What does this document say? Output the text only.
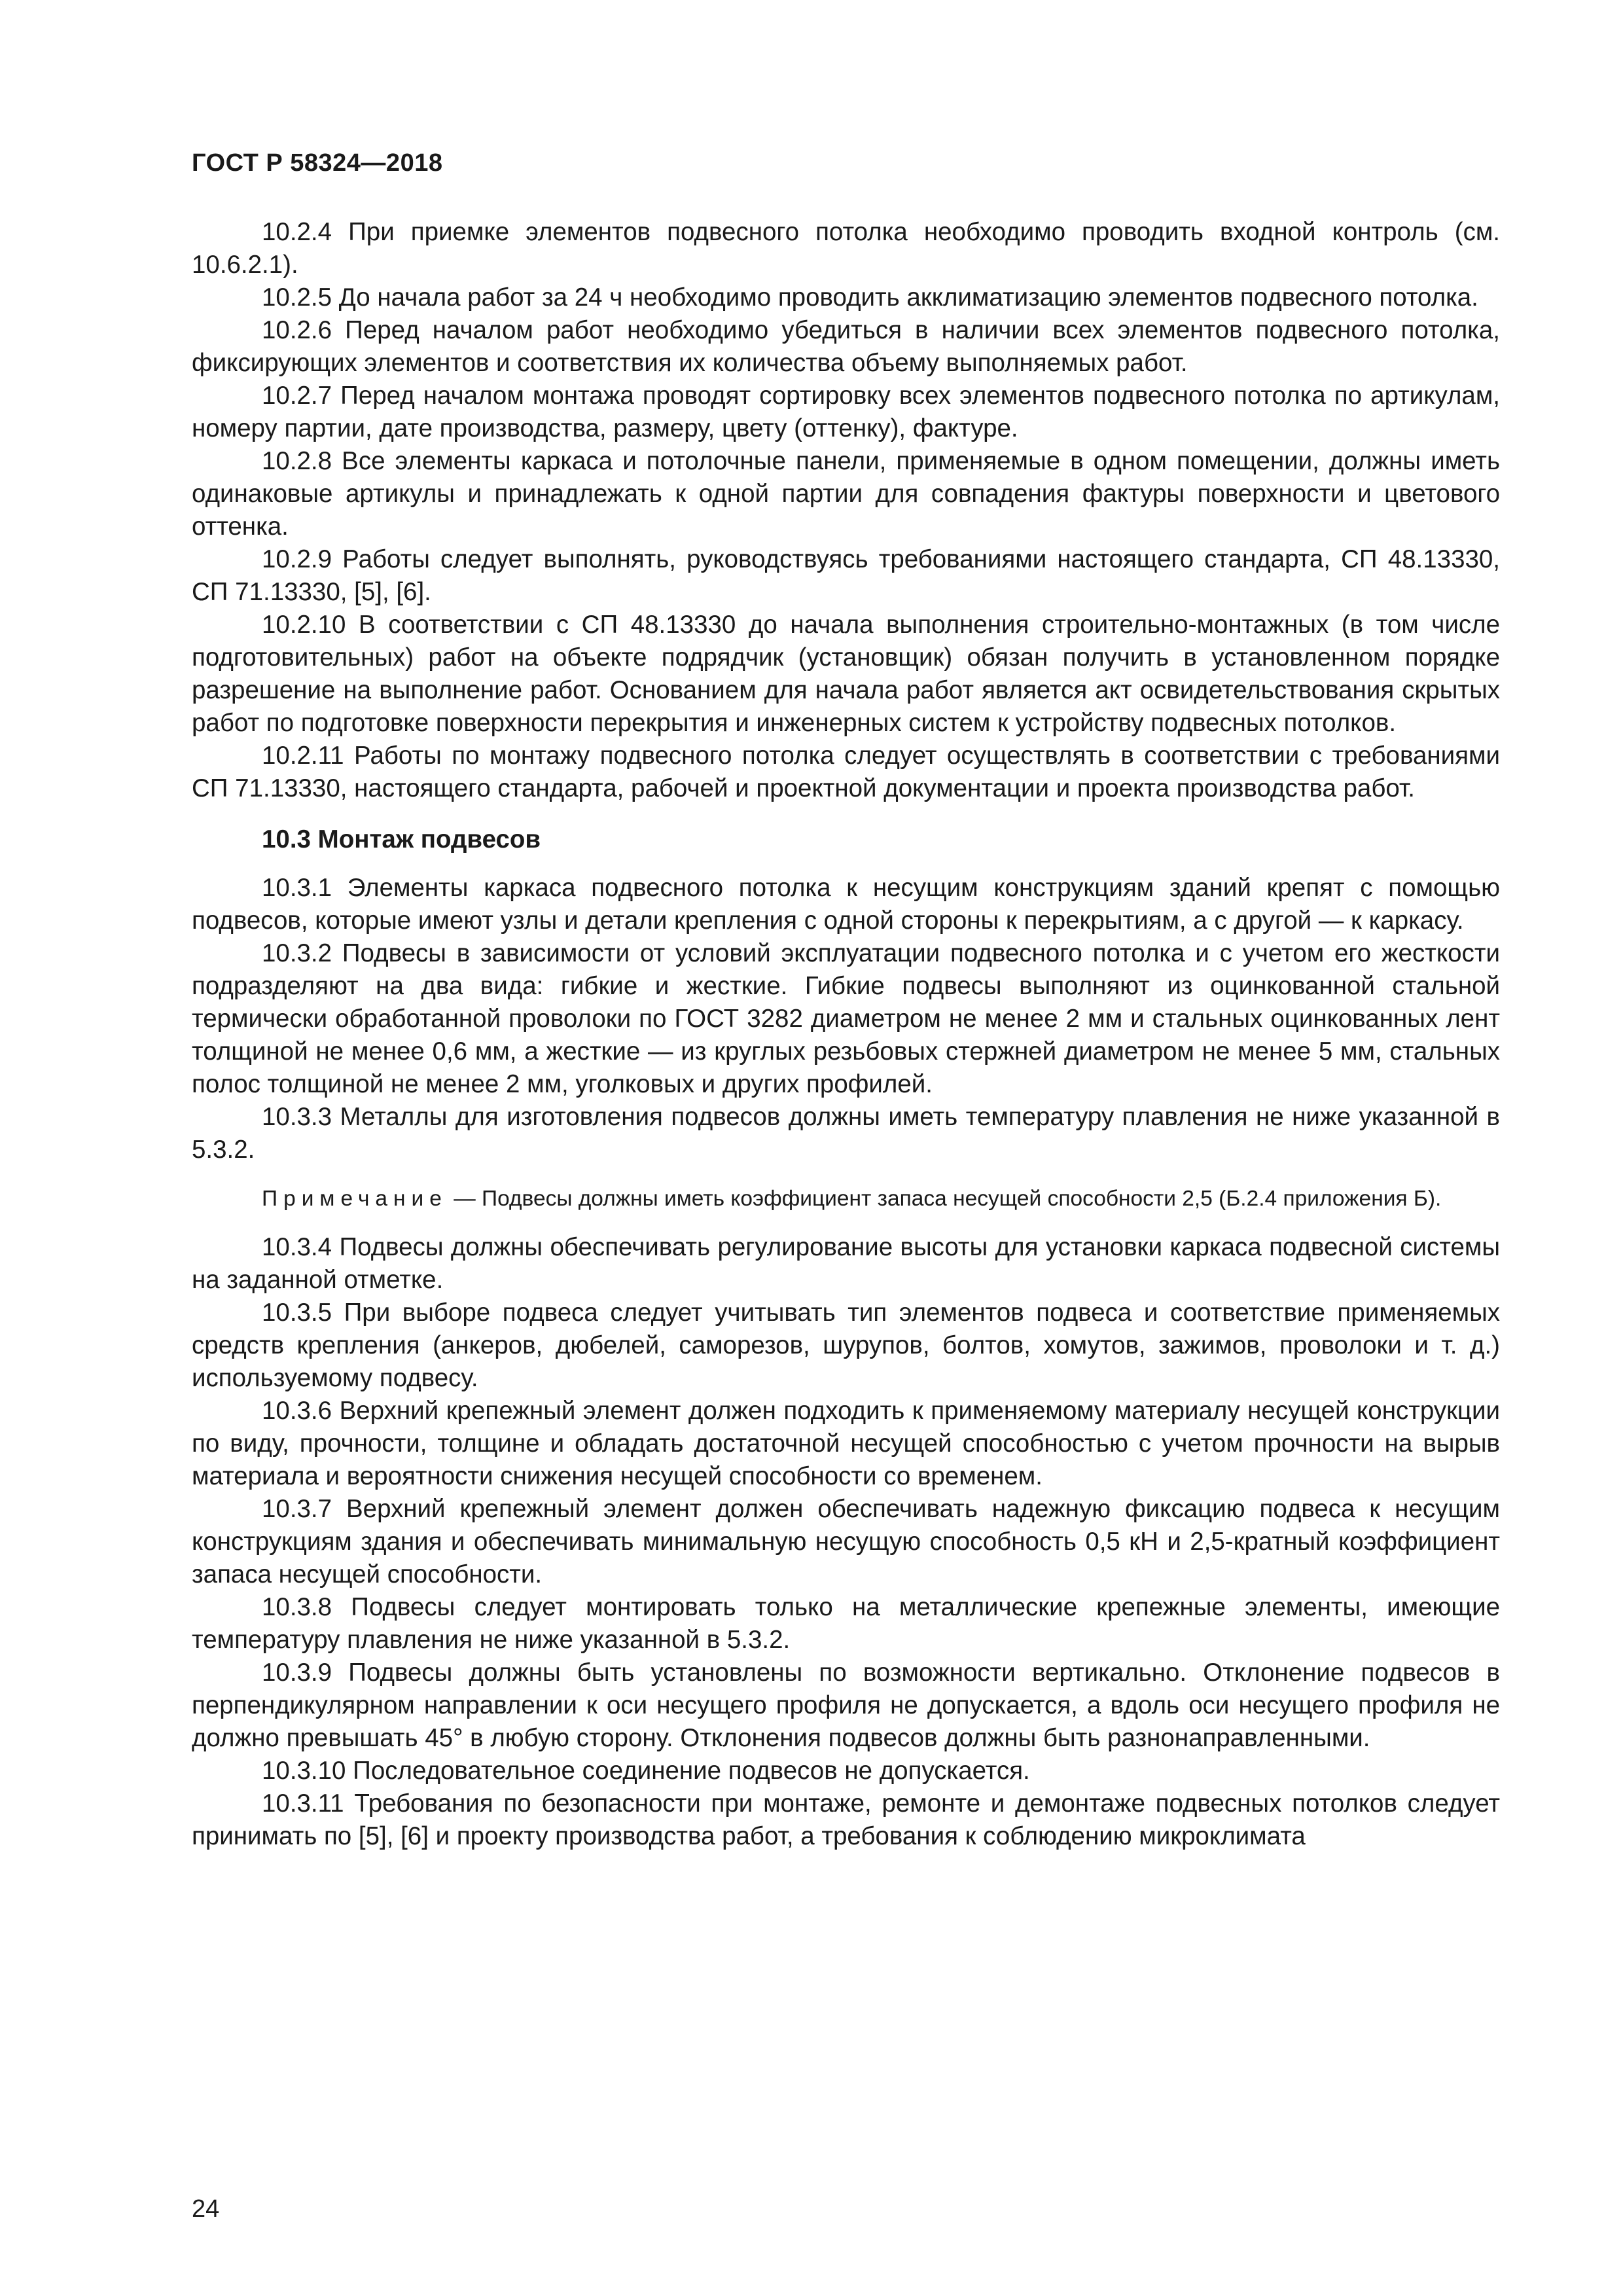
ГОСТ Р 58324—2018

10.2.4 При приемке элементов подвесного потолка необходимо проводить входной контроль (см. 10.6.2.1).

10.2.5 До начала работ за 24 ч необходимо проводить акклиматизацию элементов подвесного потолка.

10.2.6 Перед началом работ необходимо убедиться в наличии всех элементов подвесного потолка, фиксирующих элементов и соответствия их количества объему выполняемых работ.

10.2.7 Перед началом монтажа проводят сортировку всех элементов подвесного потолка по артикулам, номеру партии, дате производства, размеру, цвету (оттенку), фактуре.

10.2.8 Все элементы каркаса и потолочные панели, применяемые в одном помещении, должны иметь одинаковые артикулы и принадлежать к одной партии для совпадения фактуры поверхности и цветового оттенка.

10.2.9 Работы следует выполнять, руководствуясь требованиями настоящего стандарта, СП 48.13330, СП 71.13330, [5], [6].

10.2.10 В соответствии с СП 48.13330 до начала выполнения строительно-монтажных (в том числе подготовительных) работ на объекте подрядчик (установщик) обязан получить в установленном порядке разрешение на выполнение работ. Основанием для начала работ является акт освидетельствования скрытых работ по подготовке поверхности перекрытия и инженерных систем к устройству подвесных потолков.

10.2.11 Работы по монтажу подвесного потолка следует осуществлять в соответствии с требованиями СП 71.13330, настоящего стандарта, рабочей и проектной документации и проекта производства работ.

10.3 Монтаж подвесов

10.3.1 Элементы каркаса подвесного потолка к несущим конструкциям зданий крепят с помощью подвесов, которые имеют узлы и детали крепления с одной стороны к перекрытиям, а с другой — к каркасу.

10.3.2 Подвесы в зависимости от условий эксплуатации подвесного потолка и с учетом его жесткости подразделяют на два вида: гибкие и жесткие. Гибкие подвесы выполняют из оцинкованной стальной термически обработанной проволоки по ГОСТ 3282 диаметром не менее 2 мм и стальных оцинкованных лент толщиной не менее 0,6 мм, а жесткие — из круглых резьбовых стержней диаметром не менее 5 мм, стальных полос толщиной не менее 2 мм, уголковых и других профилей.

10.3.3 Металлы для изготовления подвесов должны иметь температуру плавления не ниже указанной в 5.3.2.

Примечание — Подвесы должны иметь коэффициент запаса несущей способности 2,5 (Б.2.4 приложения Б).

10.3.4 Подвесы должны обеспечивать регулирование высоты для установки каркаса подвесной системы на заданной отметке.

10.3.5 При выборе подвеса следует учитывать тип элементов подвеса и соответствие применяемых средств крепления (анкеров, дюбелей, саморезов, шурупов, болтов, хомутов, зажимов, проволоки и т. д.) используемому подвесу.

10.3.6 Верхний крепежный элемент должен подходить к применяемому материалу несущей конструкции по виду, прочности, толщине и обладать достаточной несущей способностью с учетом прочности на вырыв материала и вероятности снижения несущей способности со временем.

10.3.7 Верхний крепежный элемент должен обеспечивать надежную фиксацию подвеса к несущим конструкциям здания и обеспечивать минимальную несущую способность 0,5 кН и 2,5-кратный коэффициент запаса несущей способности.

10.3.8 Подвесы следует монтировать только на металлические крепежные элементы, имеющие температуру плавления не ниже указанной в 5.3.2.

10.3.9 Подвесы должны быть установлены по возможности вертикально. Отклонение подвесов в перпендикулярном направлении к оси несущего профиля не допускается, а вдоль оси несущего профиля не должно превышать 45° в любую сторону. Отклонения подвесов должны быть разнонаправленными.

10.3.10 Последовательное соединение подвесов не допускается.

10.3.11 Требования по безопасности при монтаже, ремонте и демонтаже подвесных потолков следует принимать по [5], [6] и проекту производства работ, а требования к соблюдению микроклимата

24
